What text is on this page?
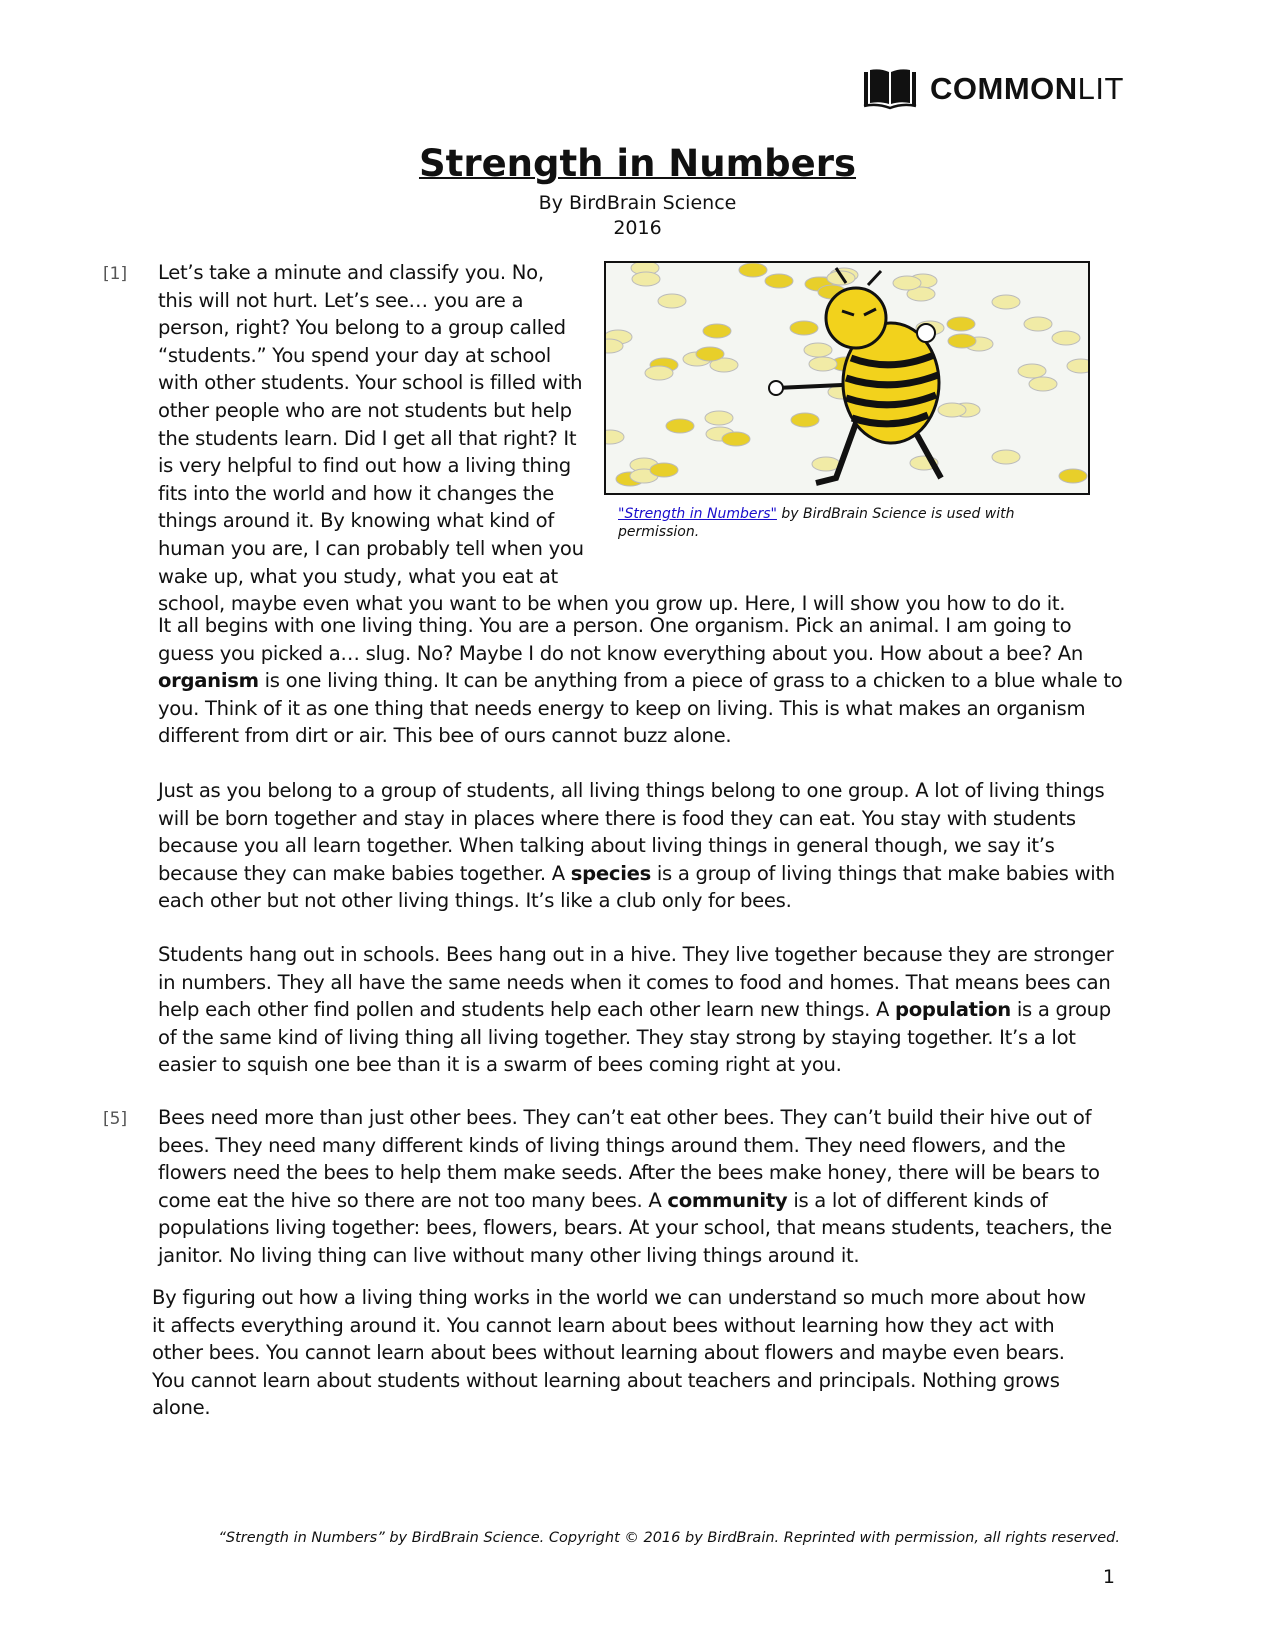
COMMONLIT
Strength in Numbers
By BirdBrain Science
2016
[1]
"Strength in Numbers" by BirdBrain Science is used with permission.
Let’s take a minute and classify you. No, this will not hurt. Let’s see… you are a person, right? You belong to a group called “students.” You spend your day at school with other students. Your school is filled with other people who are not students but help the students learn. Did I get all that right? It is very helpful to find out how a living thing fits into the world and how it changes the things around it. By knowing what kind of human you are, I can probably tell when you wake up, what you study, what you eat at school, maybe even what you want to be when you grow up. Here, I will show you how to do it.
It all begins with one living thing. You are a person. One organism. Pick an animal. I am going to guess you picked a… slug. No? Maybe I do not know everything about you. How about a bee? An organism is one living thing. It can be anything from a piece of grass to a chicken to a blue whale to you. Think of it as one thing that needs energy to keep on living. This is what makes an organism different from dirt or air. This bee of ours cannot buzz alone.
Just as you belong to a group of students, all living things belong to one group. A lot of living things will be born together and stay in places where there is food they can eat. You stay with students because you all learn together. When talking about living things in general though, we say it’s because they can make babies together. A species is a group of living things that make babies with each other but not other living things. It’s like a club only for bees.
Students hang out in schools. Bees hang out in a hive. They live together because they are stronger in numbers. They all have the same needs when it comes to food and homes. That means bees can help each other find pollen and students help each other learn new things. A population is a group of the same kind of living thing all living together. They stay strong by staying together. It’s a lot easier to squish one bee than it is a swarm of bees coming right at you.
[5] Bees need more than just other bees. They can’t eat other bees. They can’t build their hive out of bees. They need many different kinds of living things around them. They need flowers, and the flowers need the bees to help them make seeds. After the bees make honey, there will be bears to come eat the hive so there are not too many bees. A community is a lot of different kinds of populations living together: bees, flowers, bears. At your school, that means students, teachers, the janitor. No living thing can live without many other living things around it.
By figuring out how a living thing works in the world we can understand so much more about how it affects everything around it. You cannot learn about bees without learning how they act with other bees. You cannot learn about bees without learning about flowers and maybe even bears. You cannot learn about students without learning about teachers and principals. Nothing grows alone.
“Strength in Numbers” by BirdBrain Science. Copyright © 2016 by BirdBrain. Reprinted with permission, all rights reserved.
1
